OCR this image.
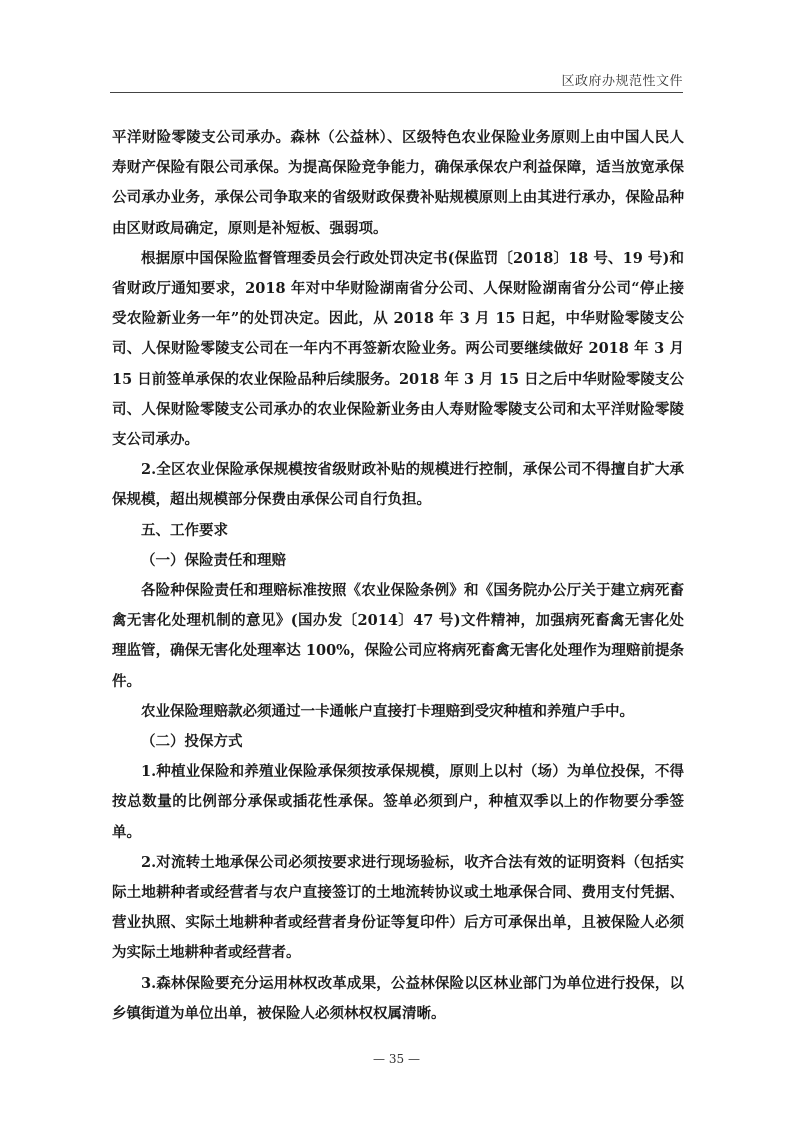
区政府办规范性文件

平洋财险零陵支公司承办。森林（公益林）、区级特色农业保险业务原则上由中国人民人寿财产保险有限公司承保。为提高保险竞争能力，确保承保农户利益保障，适当放宽承保公司承办业务，承保公司争取来的省级财政保费补贴规模原则上由其进行承办，保险品种由区财政局确定，原则是补短板、强弱项。

根据原中国保险监督管理委员会行政处罚决定书(保监罚〔2018〕18 号、19 号)和省财政厅通知要求，2018 年对中华财险湖南省分公司、人保财险湖南省分公司“停止接受农险新业务一年”的处罚决定。因此，从 2018 年 3 月 15 日起，中华财险零陵支公司、人保财险零陵支公司在一年内不再签新农险业务。两公司要继续做好 2018 年 3 月 15 日前签单承保的农业保险品种后续服务。2018 年 3 月 15 日之后中华财险零陵支公司、人保财险零陵支公司承办的农业保险新业务由人寿财险零陵支公司和太平洋财险零陵支公司承办。

2.全区农业保险承保规模按省级财政补贴的规模进行控制，承保公司不得擅自扩大承保规模，超出规模部分保费由承保公司自行负担。

五、工作要求
（一）保险责任和理赔

各险种保险责任和理赔标准按照《农业保险条例》和《国务院办公厅关于建立病死畜禽无害化处理机制的意见》(国办发〔2014〕47 号)文件精神，加强病死畜禽无害化处理监管，确保无害化处理率达 100%，保险公司应将病死畜禽无害化处理作为理赔前提条件。

农业保险理赔款必须通过一卡通帐户直接打卡理赔到受灾种植和养殖户手中。

（二）投保方式

1.种植业保险和养殖业保险承保须按承保规模，原则上以村（场）为单位投保，不得按总数量的比例部分承保或插花性承保。签单必须到户，种植双季以上的作物要分季签单。

2.对流转土地承保公司必须按要求进行现场验标，收齐合法有效的证明资料（包括实际土地耕种者或经营者与农户直接签订的土地流转协议或土地承保合同、费用支付凭据、营业执照、实际土地耕种者或经营者身份证等复印件）后方可承保出单，且被保险人必须为实际土地耕种者或经营者。

3.森林保险要充分运用林权改革成果，公益林保险以区林业部门为单位进行投保，以乡镇街道为单位出单，被保险人必须林权权属清晰。

— 35 —
